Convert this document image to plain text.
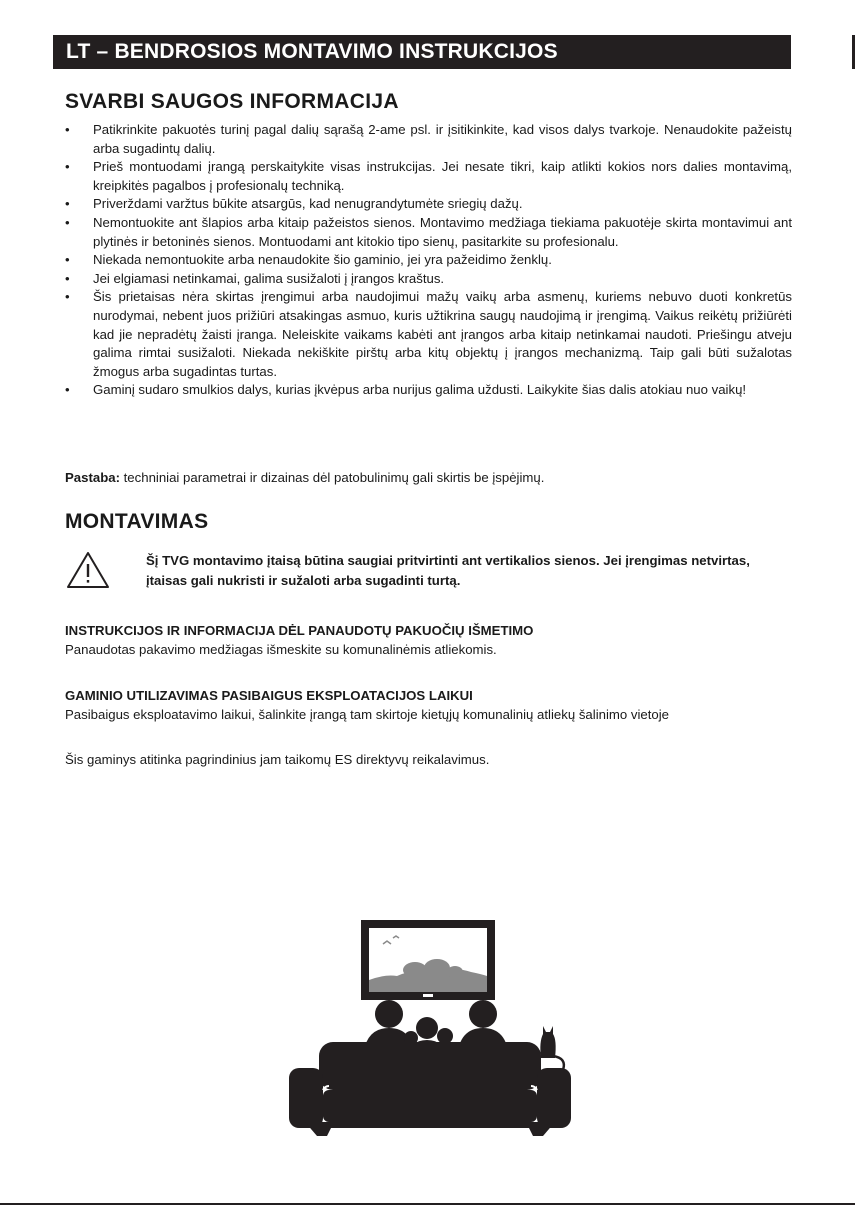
LT – BENDROSIOS MONTAVIMO INSTRUKCIJOS
SVARBI SAUGOS INFORMACIJA
• Patikrinkite pakuotės turinį pagal dalių sąrašą 2-ame psl. ir įsitikinkite, kad visos dalys tvarkoje. Nenaudokite pažeistų arba sugadintų dalių.
• Prieš montuodami įrangą perskaitykite visas instrukcijas. Jei nesate tikri, kaip atlikti kokios nors dalies montavimą, kreipkitės pagalbos į profesionalų techniką.
• Priverždami varžtus būkite atsargūs, kad nenugrandytumėte sriegių dažų.
• Nemontuokite ant šlapios arba kitaip pažeistos sienos. Montavimo medžiaga tiekiama pakuotėje skirta montavimui ant plytinės ir betoninės sienos. Montuodami ant kitokio tipo sienų, pasitarkite su profesionalu.
• Niekada nemontuokite arba nenaudokite šio gaminio, jei yra pažeidimo ženklų.
• Jei elgiamasi netinkamai, galima susižaloti į įrangos kraštus.
• Šis prietaisas nėra skirtas įrengimui arba naudojimui mažų vaikų arba asmenų, kuriems nebuvo duoti konkretūs nurodymai, nebent juos prižiūri atsakingas asmuo, kuris užtikrina saugų naudojimą ir įrengimą. Vaikus reikėtų prižiūrėti kad jie nepradėtų žaisti įranga. Neleiskite vaikams kabėti ant įrangos arba kitaip netinkamai naudoti. Priešingu atveju galima rimtai susižaloti. Niekada nekiškite pirštų arba kitų objektų į įrangos mechanizmą. Taip gali būti sužalotas žmogus arba sugadintas turtas.
• Gaminį sudaro smulkios dalys, kurias įkvėpus arba nurijus galima uždusti. Laikykite šias dalis atokiau nuo vaikų!
Pastaba: techniniai parametrai ir dizainas dėl patobulinimų gali skirtis be įspėjimų.
MONTAVIMAS
Šį TVG montavimo įtaisą būtina saugiai pritvirtinti ant vertikalios sienos. Jei įrengimas netvirtas, įtaisas gali nukristi ir sužaloti arba sugadinti turtą.
INSTRUKCIJOS IR INFORMACIJA DĖL PANAUDOTŲ PAKUOČIŲ IŠMETIMO
Panaudotas pakavimo medžiagas išmeskite su komunalinėmis atliekomis.
GAMINIO UTILIZAVIMAS PASIBAIGUS EKSPLOATACIJOS LAIKUI
Pasibaigus eksploatavimo laikui, šalinkite įrangą tam skirtoje kietųjų komunalinių atliekų šalinimo vietoje
Šis gaminys atitinka pagrindinius jam taikomų ES direktyvų reikalavimus.
